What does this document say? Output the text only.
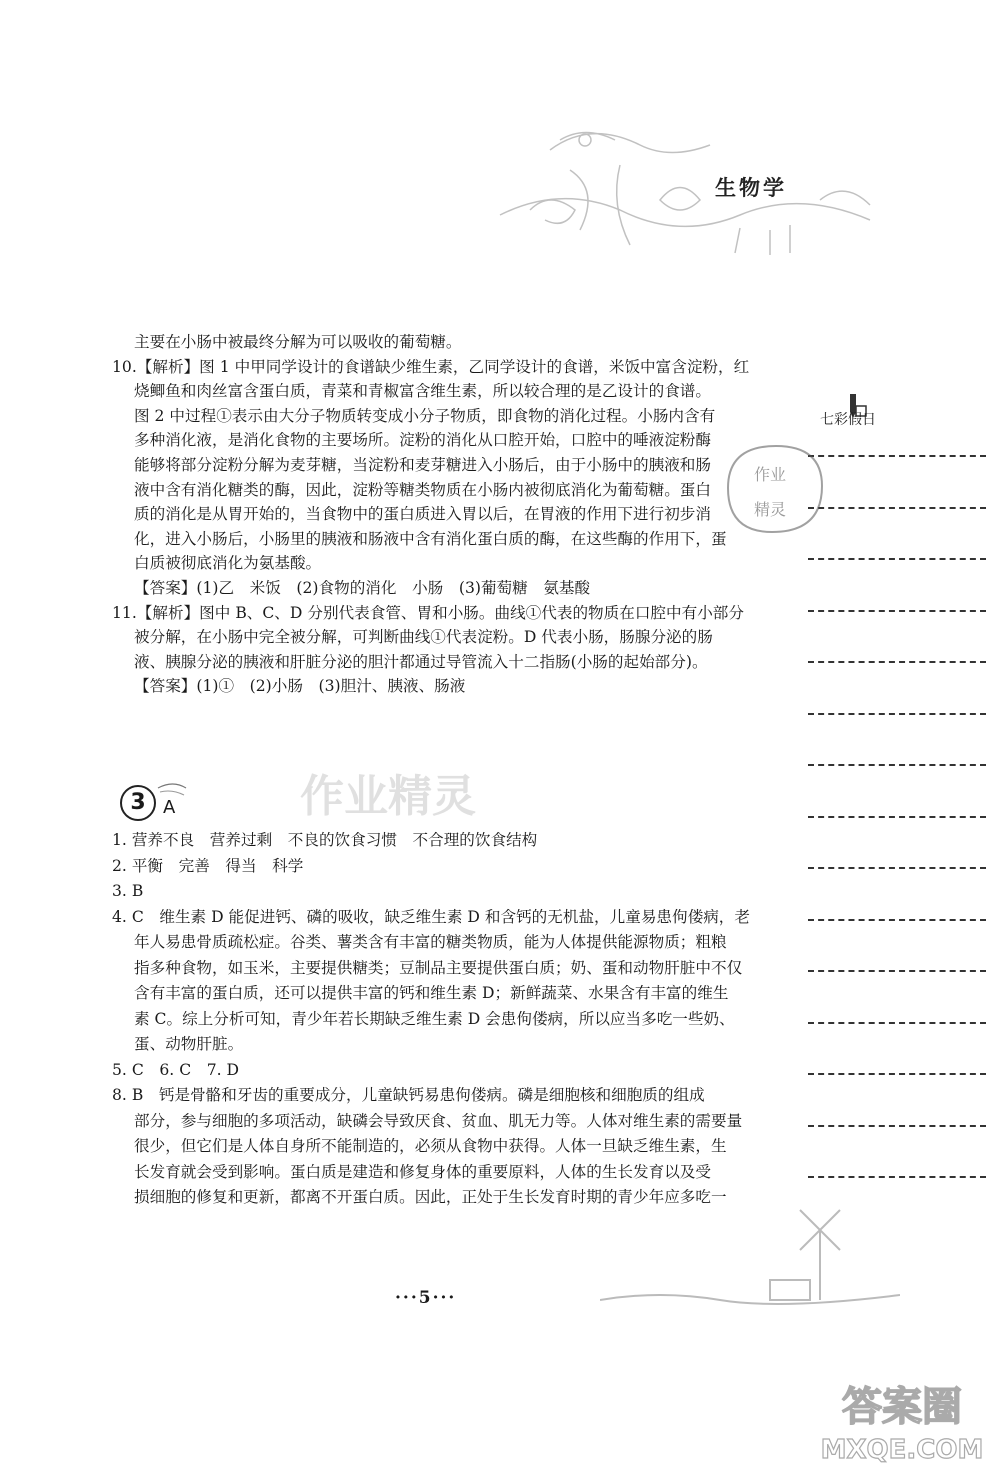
生物学
主要在小肠中被最终分解为可以吸收的葡萄糖。
10.【解析】图 1 中甲同学设计的食谱缺少维生素，乙同学设计的食谱，米饭中富含淀粉，红
烧鲫鱼和肉丝富含蛋白质，青菜和青椒富含维生素，所以较合理的是乙设计的食谱。
图 2 中过程①表示由大分子物质转变成小分子物质，即食物的消化过程。小肠内含有
多种消化液，是消化食物的主要场所。淀粉的消化从口腔开始，口腔中的唾液淀粉酶
能够将部分淀粉分解为麦芽糖，当淀粉和麦芽糖进入小肠后，由于小肠中的胰液和肠
液中含有消化糖类的酶，因此，淀粉等糖类物质在小肠内被彻底消化为葡萄糖。蛋白
质的消化是从胃开始的，当食物中的蛋白质进入胃以后，在胃液的作用下进行初步消
化，进入小肠后，小肠里的胰液和肠液中含有消化蛋白质的酶，在这些酶的作用下，蛋
白质被彻底消化为氨基酸。
【答案】(1)乙　米饭　(2)食物的消化　小肠　(3)葡萄糖　氨基酸
11.【解析】图中 B、C、D 分别代表食管、胃和小肠。曲线①代表的物质在口腔中有小部分
被分解，在小肠中完全被分解，可判断曲线①代表淀粉。D 代表小肠，肠腺分泌的肠
液、胰腺分泌的胰液和肝脏分泌的胆汁都通过导管流入十二指肠(小肠的起始部分)。
【答案】(1)①　(2)小肠　(3)胆汁、胰液、肠液
3 A
1. 营养不良　营养过剩　不良的饮食习惯　不合理的饮食结构
2. 平衡　完善　得当　科学
3. B
4. C　维生素 D 能促进钙、磷的吸收，缺乏维生素 D 和含钙的无机盐，儿童易患佝偻病，老
年人易患骨质疏松症。谷类、薯类含有丰富的糖类物质，能为人体提供能源物质；粗粮
指多种食物，如玉米，主要提供糖类；豆制品主要提供蛋白质；奶、蛋和动物肝脏中不仅
含有丰富的蛋白质，还可以提供丰富的钙和维生素 D；新鲜蔬菜、水果含有丰富的维生
素 C。综上分析可知，青少年若长期缺乏维生素 D 会患佝偻病，所以应当多吃一些奶、
蛋、动物肝脏。
5. C　6. C　7. D
8. B　钙是骨骼和牙齿的重要成分，儿童缺钙易患佝偻病。磷是细胞核和细胞质的组成
部分，参与细胞的多项活动，缺磷会导致厌食、贫血、肌无力等。人体对维生素的需要量
很少，但它们是人体自身所不能制造的，必须从食物中获得。人体一旦缺乏维生素，生
长发育就会受到影响。蛋白质是建造和修复身体的重要原料，人体的生长发育以及受
损细胞的修复和更新，都离不开蛋白质。因此，正处于生长发育时期的青少年应多吃一
七彩假日
作业
精灵
作业精灵
···5···
答案圈
MXQE.COM
